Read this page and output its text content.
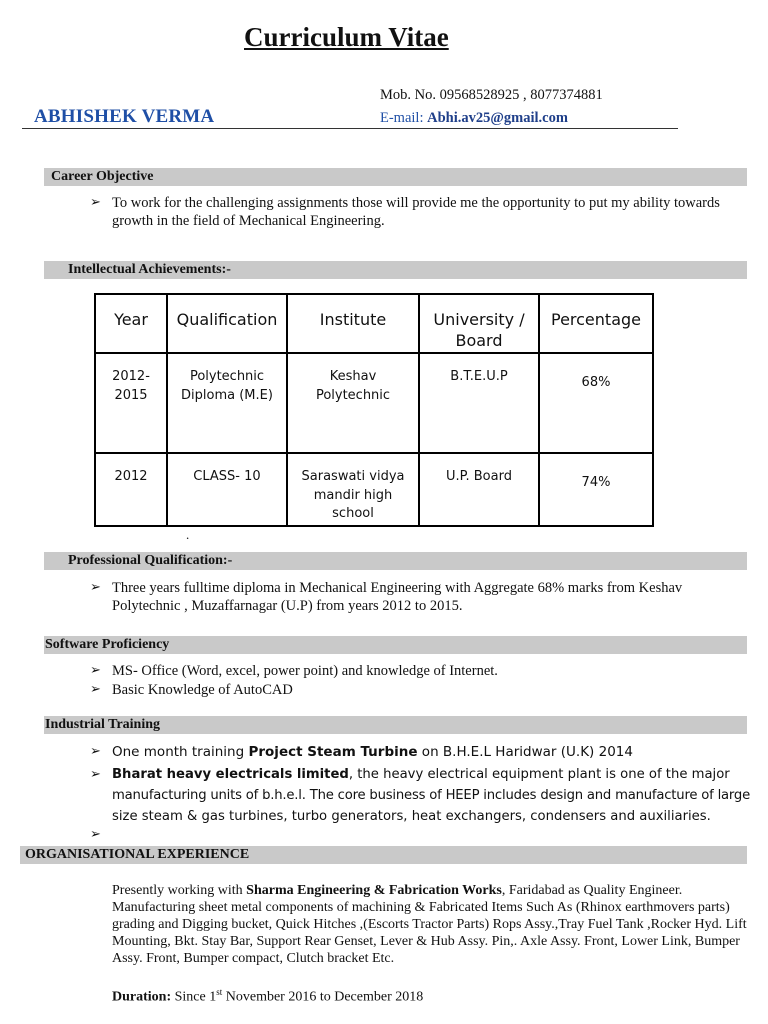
Curriculum Vitae
Mob. No. 09568528925 , 8077374881
E-mail: Abhi.av25@gmail.com
ABHISHEK VERMA
Career Objective
➢ To work for the challenging assignments those will provide me the opportunity to put my ability towards
growth in the field of Mechanical Engineering.
Intellectual Achievements:-
Year	Qualification	Institute	University / Board	Percentage
2012-2015	Polytechnic Diploma (M.E)	Keshav Polytechnic	B.T.E.U.P	68%
2012	CLASS- 10	Saraswati vidya mandir high school	U.P. Board	74%
.
Professional Qualification:-
➢ Three years fulltime diploma in Mechanical Engineering with Aggregate 68% marks from Keshav
Polytechnic , Muzaffarnagar (U.P) from years 2012 to 2015.
Software Proficiency
➢ MS- Office (Word, excel, power point) and knowledge of Internet.
➢ Basic Knowledge of AutoCAD
Industrial Training
➢ One month training Project Steam Turbine on B.H.E.L Haridwar (U.K) 2014
➢ Bharat heavy electricals limited, the heavy electrical equipment plant is one of the major
manufacturing units of b.h.e.l. The core business of HEEP includes design and manufacture of large
size steam & gas turbines, turbo generators, heat exchangers, condensers and auxiliaries.
➢
ORGANISATIONAL EXPERIENCE
Presently working with Sharma Engineering & Fabrication Works, Faridabad as Quality Engineer.
Manufacturing sheet metal components of machining & Fabricated Items Such As (Rhinox earthmovers parts)
grading and Digging bucket, Quick Hitches ,(Escorts Tractor Parts) Rops Assy.,Tray Fuel Tank ,Rocker Hyd. Lift
Mounting, Bkt. Stay Bar, Support Rear Genset, Lever & Hub Assy. Pin,. Axle Assy. Front, Lower Link, Bumper
Assy. Front, Bumper compact, Clutch bracket Etc.
Duration: Since 1st November 2016 to December 2018
